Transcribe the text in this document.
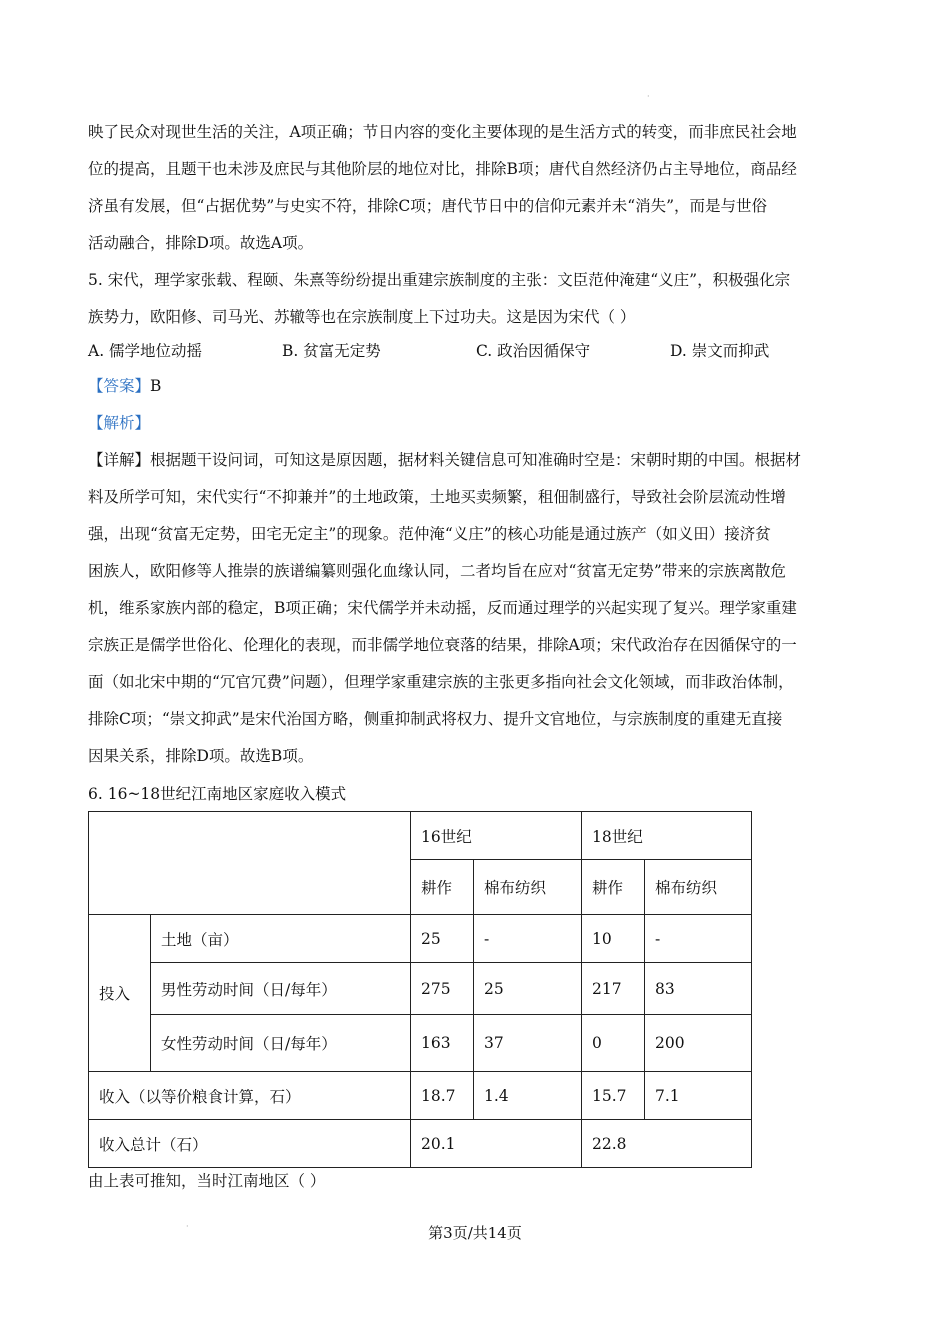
·
·
映了民众对现世生活的关注，A项正确；节日内容的变化主要体现的是生活方式的转变，而非庶民社会地
位的提高，且题干也未涉及庶民与其他阶层的地位对比，排除B项；唐代自然经济仍占主导地位，商品经
济虽有发展，但“占据优势”与史实不符，排除C项；唐代节日中的信仰元素并未“消失”，而是与世俗
活动融合，排除D项。故选A项。
5. 宋代，理学家张载、程颐、朱熹等纷纷提出重建宗族制度的主张：文臣范仲淹建“义庄”，积极强化宗
族势力，欧阳修、司马光、苏辙等也在宗族制度上下过功夫。这是因为宋代（ ）
A. 儒学地位动摇	B. 贫富无定势	C. 政治因循保守	D. 崇文而抑武
【答案】B
【解析】
【详解】根据题干设问词，可知这是原因题，据材料关键信息可知准确时空是：宋朝时期的中国。根据材
料及所学可知，宋代实行“不抑兼并”的土地政策，土地买卖频繁，租佃制盛行，导致社会阶层流动性增
强，出现“贫富无定势，田宅无定主”的现象。范仲淹“义庄”的核心功能是通过族产（如义田）接济贫
困族人，欧阳修等人推崇的族谱编纂则强化血缘认同，二者均旨在应对“贫富无定势”带来的宗族离散危
机，维系家族内部的稳定，B项正确；宋代儒学并未动摇，反而通过理学的兴起实现了复兴。理学家重建
宗族正是儒学世俗化、伦理化的表现，而非儒学地位衰落的结果，排除A项；宋代政治存在因循保守的一
面（如北宋中期的“冗官冗费”问题），但理学家重建宗族的主张更多指向社会文化领域，而非政治体制，
排除C项；“崇文抑武”是宋代治国方略，侧重抑制武将权力、提升文官地位，与宗族制度的重建无直接
因果关系，排除D项。故选B项。
6. 16~18世纪江南地区家庭收入模式
		16世纪		18世纪	
		耕作	棉布纺织	耕作	棉布纺织
投入	土地（亩）	25	-	10	-
	男性劳动时间（日/每年）	275	25	217	83
	女性劳动时间（日/每年）	163	37	0	200
收入（以等价粮食计算，石）		18.7	1.4	15.7	7.1
收入总计（石）		20.1		22.8	
由上表可推知，当时江南地区（ ）
第3页/共14页
